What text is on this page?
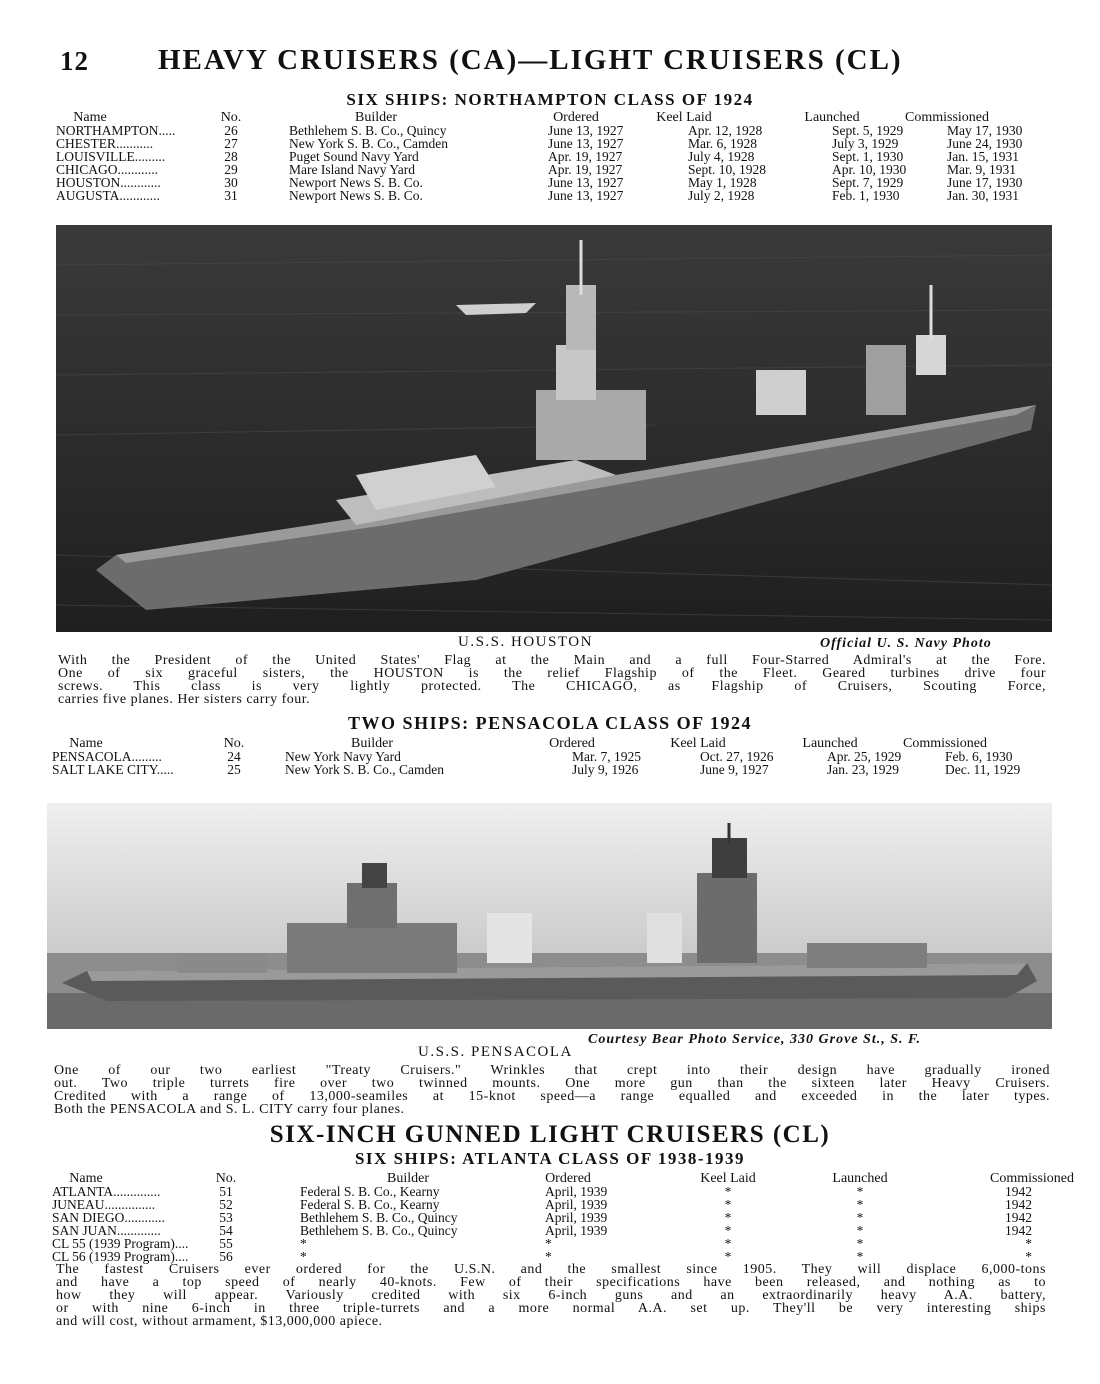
12 HEAVY CRUISERS (CA)—LIGHT CRUISERS (CL)
SIX SHIPS: NORTHAMPTON CLASS OF 1924

Name	No.	Builder	Ordered	Keel Laid	Launched	Commissioned
NORTHAMPTON.....	26	Bethlehem S. B. Co., Quincy	June 13, 1927	Apr. 12, 1928	Sept. 5, 1929	May 17, 1930
CHESTER...........	27	New York S. B. Co., Camden	June 13, 1927	Mar. 6, 1928	July 3, 1929	June 24, 1930
LOUISVILLE.........	28	Puget Sound Navy Yard	Apr. 19, 1927	July 4, 1928	Sept. 1, 1930	Jan. 15, 1931
CHICAGO............	29	Mare Island Navy Yard	Apr. 19, 1927	Sept. 10, 1928	Apr. 10, 1930	Mar. 9, 1931
HOUSTON............	30	Newport News S. B. Co.	June 13, 1927	May 1, 1928	Sept. 7, 1929	June 17, 1930
AUGUSTA............	31	Newport News S. B. Co.	June 13, 1927	July 2, 1928	Feb. 1, 1930	Jan. 30, 1931
U.S.S. HOUSTON	Official U. S. Navy Photo
With the President of the United States' Flag at the Main and a full Four-Starred Admiral's at the Fore.
One of six graceful sisters, the HOUSTON is the relief Flagship of the Fleet. Geared turbines drive four
screws. This class is very lightly protected. The CHICAGO, as Flagship of Cruisers, Scouting Force,
carries five planes. Her sisters carry four.
TWO SHIPS: PENSACOLA CLASS OF 1924

Name	No.	Builder	Ordered	Keel Laid	Launched	Commissioned
PENSACOLA.........	24	New York Navy Yard	Mar. 7, 1925	Oct. 27, 1926	Apr. 25, 1929	Feb. 6, 1930
SALT LAKE CITY.....	25	New York S. B. Co., Camden	July 9, 1926	June 9, 1927	Jan. 23, 1929	Dec. 11, 1929
Courtesy Bear Photo Service, 330 Grove St., S. F.
U.S.S. PENSACOLA
One of our two earliest "Treaty Cruisers." Wrinkles that crept into their design have gradually ironed
out. Two triple turrets fire over two twinned mounts. One more gun than the sixteen later Heavy Cruisers.
Credited with a range of 13,000-seamiles at 15-knot speed—a range equalled and exceeded in the later types.
Both the PENSACOLA and S. L. CITY carry four planes.
SIX-INCH GUNNED LIGHT CRUISERS (CL)
SIX SHIPS: ATLANTA CLASS OF 1938-1939

Name	No.	Builder	Ordered	Keel Laid	Launched	Commissioned
ATLANTA..............	51	Federal S. B. Co., Kearny	April, 1939	*	*	1942
JUNEAU...............	52	Federal S. B. Co., Kearny	April, 1939	*	*	1942
SAN DIEGO............	53	Bethlehem S. B. Co., Quincy	April, 1939	*	*	1942
SAN JUAN.............	54	Bethlehem S. B. Co., Quincy	April, 1939	*	*	1942
CL 55 (1939 Program).... 55	*	*	*	*	*
CL 56 (1939 Program).... 56	*	*	*	*	*
The fastest Cruisers ever ordered for the U.S.N. and the smallest since 1905. They will displace 6,000-tons
and have a top speed of nearly 40-knots. Few of their specifications have been released, and nothing as to
how they will appear. Variously credited with six 6-inch guns and an extraordinarily heavy A.A. battery,
or with nine 6-inch in three triple-turrets and a more normal A.A. set up. They'll be very interesting ships
and will cost, without armament, $13,000,000 apiece.
